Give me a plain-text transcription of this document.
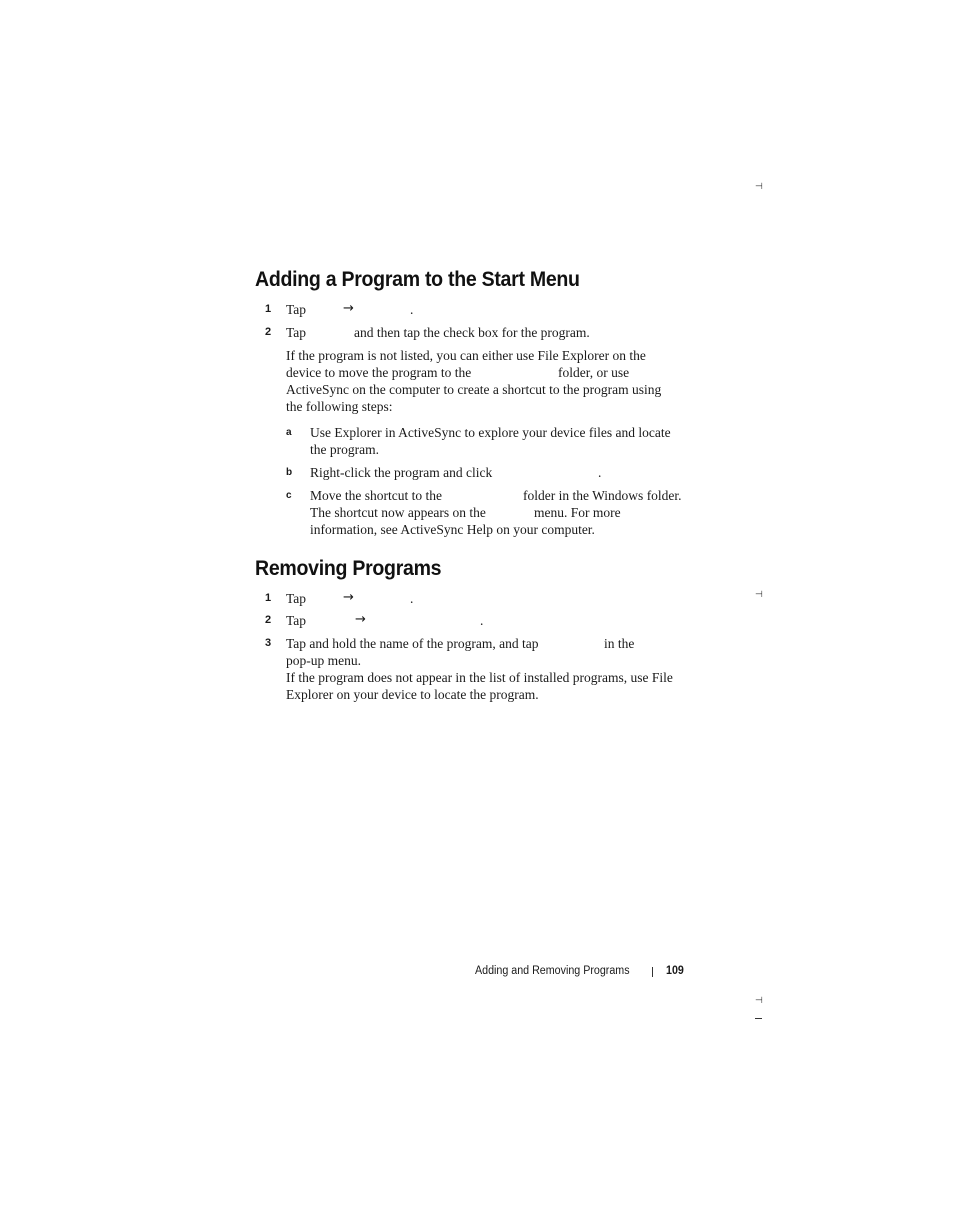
⊣
⊣
⊣
Adding a Program to the Start Menu
1 Tap	→	.
2 Tap	and then tap the check box for the program.
If the program is not listed, you can either use File Explorer on the
device to move the program to the	folder, or use
ActiveSync on the computer to create a shortcut to the program using
the following steps:
a Use Explorer in ActiveSync to explore your device files and locate
the program.
b Right-click the program and click	.
c Move the shortcut to the	folder in the Windows folder.
The shortcut now appears on the	menu. For more
information, see ActiveSync Help on your computer.
Removing Programs
1 Tap	→	.
2 Tap	→	.
3 Tap and hold the name of the program, and tap	in the
pop-up menu.
If the program does not appear in the list of installed programs, use File
Explorer on your device to locate the program.
Adding and Removing Programs	109
